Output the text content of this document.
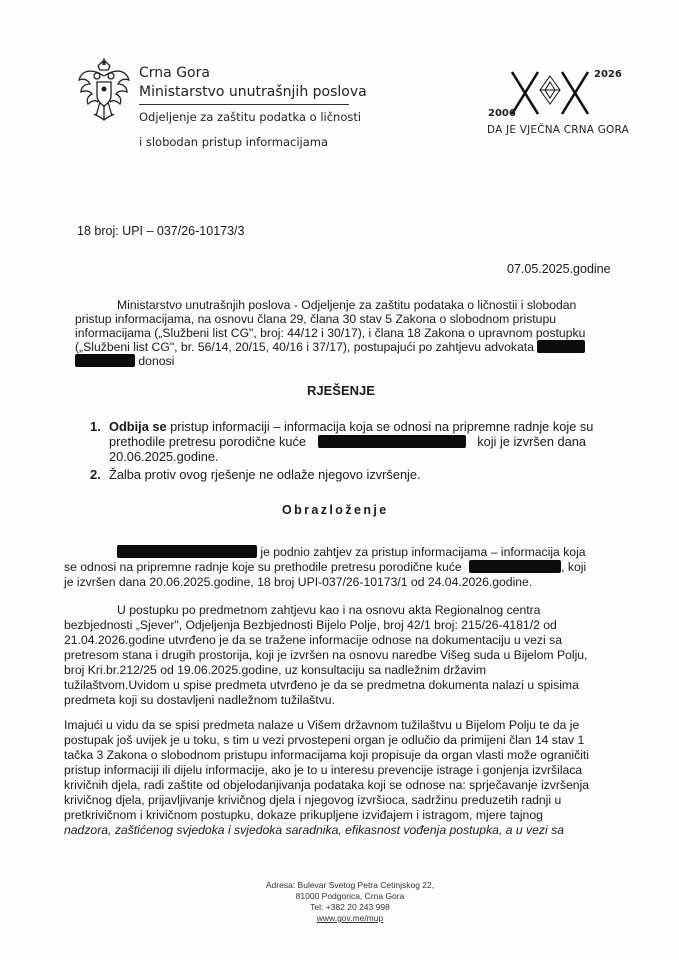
Crna Gora
Ministarstvo unutrašnjih poslova
Odjeljenje za zaštitu podatka o ličnosti
i slobodan pristup informacijama
2026
2006
DA JE VJEČNA CRNA GORA
18 broj: UPI – 037/26-10173/3
07.05.2025.godine
Ministarstvo unutrašnjih poslova - Odjeljenje za zaštitu podataka o ličnostii i slobodan
pristup informacijama, na osnovu člana 29, člana 30 stav 5 Zakona o slobodnom pristupu
informacijama („Službeni list CG", broj: 44/12 i 30/17), i člana 18 Zakona o upravnom postupku
(„Službeni list CG", br. 56/14, 20/15, 40/16 i 37/17), postupajući po zahtjevu advokata
donosi
RJEŠENJE
1. Odbija se pristup informaciji – informacija koja se odnosi na pripremne radnje koje su
prethodile pretresu porodične kuće	koji je izvršen dana
20.06.2025.godine.
2. Žalba protiv ovog rješenje ne odlaže njegovo izvršenje.
Obrazloženje
je podnio zahtjev za pristup informacijama – informacija koja
se odnosi na pripremne radnje koje su prethodile pretresu porodične kuće	, koji
je izvršen dana 20.06.2025.godine, 18 broj UPI-037/26-10173/1 od 24.04.2026.godine.
U postupku po predmetnom zahtjevu kao i na osnovu akta Regionalnog centra
bezbjednosti „Sjever", Odjeljenja Bezbjednosti Bijelo Polje, broj 42/1 broj: 215/26-4181/2 od
21.04.2026.godine utvrđeno je da se tražene informacije odnose na dokumentaciju u vezi sa
pretresom stana i drugih prostorija, koji je izvršen na osnovu naredbe Višeg suda u Bijelom Polju,
broj Kri.br.212/25 od 19.06.2025.godine, uz konsultaciju sa nadležnim državim
tužilaštvom.Uvidom u spise predmeta utvrđeno je da se predmetna dokumenta nalazi u spisima
predmeta koji su dostavljeni nadležnom tužilaštvu.
Imajući u vidu da se spisi predmeta nalaze u Višem državnom tužilaštvu u Bijelom Polju te da je
postupak još uvijek je u toku, s tim u vezi prvostepeni organ je odlučio da primijeni član 14 stav 1
tačka 3 Zakona o slobodnom pristupu informacijama koji propisuje da organ vlasti može ograničiti
pristup informaciji ili dijelu informacije, ako je to u interesu prevencije istrage i gonjenja izvršilaca
krivičnih djela, radi zaštite od objelodanjivanja podataka koji se odnose na: sprječavanje izvršenja
krivičnog djela, prijavljivanje krivičnog djela i njegovog izvršioca, sadržinu preduzetih radnji u
pretkrivičnom i krivičnom postupku, dokaze prikupljene izviđajem i istragom, mjere tajnog
nadzora, zaštićenog svjedoka i svjedoka saradnika, efikasnost vođenja postupka, a u vezi sa
Adresa: Bulevar Svetog Petra Cetinjskog 22,
81000 Podgorica, Crna Gora
Tel: +382 20 243 998
www.gov.me/mup
